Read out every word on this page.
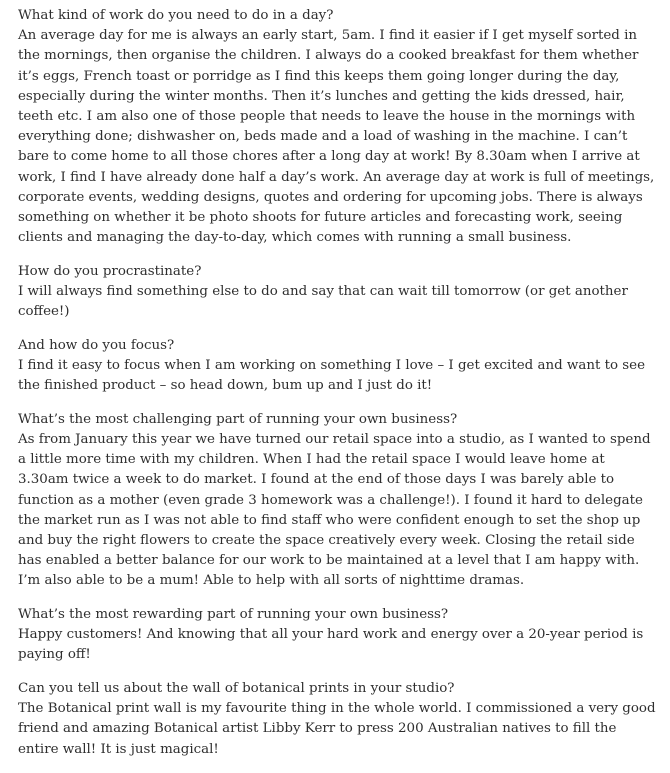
What kind of work do you need to do in a day?

An average day for me is always an early start, 5am. I find it easier if I get myself sorted in the mornings, then organise the children. I always do a cooked breakfast for them whether it’s eggs, French toast or porridge as I find this keeps them going longer during the day, especially during the winter months. Then it’s lunches and getting the kids dressed, hair, teeth etc. I am also one of those people that needs to leave the house in the mornings with everything done; dishwasher on, beds made and a load of washing in the machine. I can’t bare to come home to all those chores after a long day at work! By 8.30am when I arrive at work, I find I have already done half a day’s work. An average day at work is full of meetings, corporate events, wedding designs, quotes and ordering for upcoming jobs. There is always something on whether it be photo shoots for future articles and forecasting work, seeing clients and managing the day-to-day, which comes with running a small business.

How do you procrastinate?

I will always find something else to do and say that can wait till tomorrow (or get another coffee!)

And how do you focus?

I find it easy to focus when I am working on something I love – I get excited and want to see the finished product – so head down, bum up and I just do it!

What’s the most challenging part of running your own business?

As from January this year we have turned our retail space into a studio, as I wanted to spend a little more time with my children. When I had the retail space I would leave home at 3.30am twice a week to do market. I found at the end of those days I was barely able to function as a mother (even grade 3 homework was a challenge!). I found it hard to delegate the market run as I was not able to find staff who were confident enough to set the shop up and buy the right flowers to create the space creatively every week. Closing the retail side has enabled a better balance for our work to be maintained at a level that I am happy with. I’m also able to be a mum! Able to help with all sorts of nighttime dramas.

What’s the most rewarding part of running your own business?

Happy customers! And knowing that all your hard work and energy over a 20-year period is paying off!

Can you tell us about the wall of botanical prints in your studio?

The Botanical print wall is my favourite thing in the whole world. I commissioned a very good friend and amazing Botanical artist Libby Kerr to press 200 Australian natives to fill the entire wall! It is just magical!
